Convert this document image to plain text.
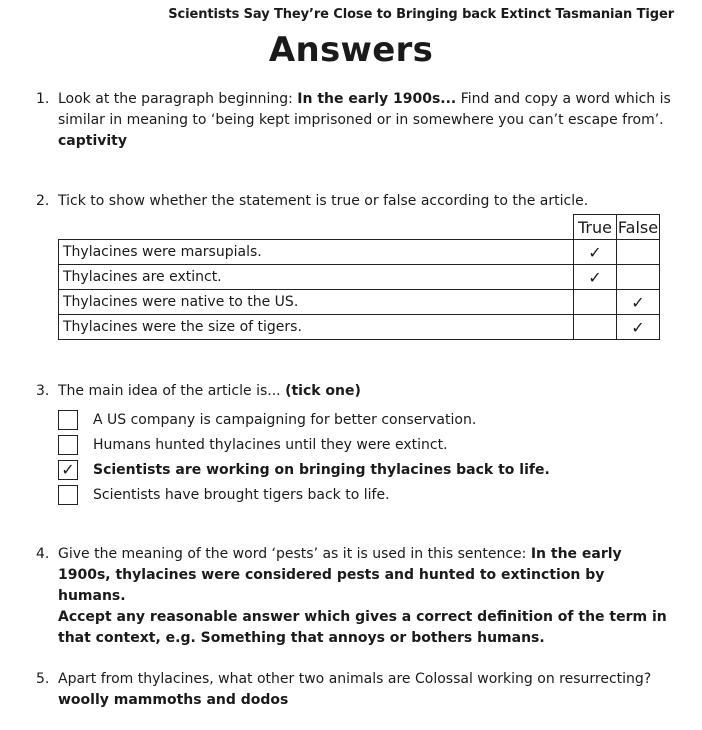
Scientists Say They’re Close to Bringing back Extinct Tasmanian Tiger
Answers
1. Look at the paragraph beginning: In the early 1900s... Find and copy a word which is similar in meaning to ‘being kept imprisoned or in somewhere you can’t escape from’.
captivity
2. Tick to show whether the statement is true or false according to the article.
	True	False
Thylacines were marsupials.	✓	
Thylacines are extinct.	✓	
Thylacines were native to the US.		✓
Thylacines were the size of tigers.		✓
3. The main idea of the article is... (tick one)
A US company is campaigning for better conservation.
Humans hunted thylacines until they were extinct.
✓ Scientists are working on bringing thylacines back to life.
Scientists have brought tigers back to life.
4. Give the meaning of the word ‘pests’ as it is used in this sentence: In the early 1900s, thylacines were considered pests and hunted to extinction by humans.
Accept any reasonable answer which gives a correct definition of the term in that context, e.g. Something that annoys or bothers humans.
5. Apart from thylacines, what other two animals are Colossal working on resurrecting?
woolly mammoths and dodos
